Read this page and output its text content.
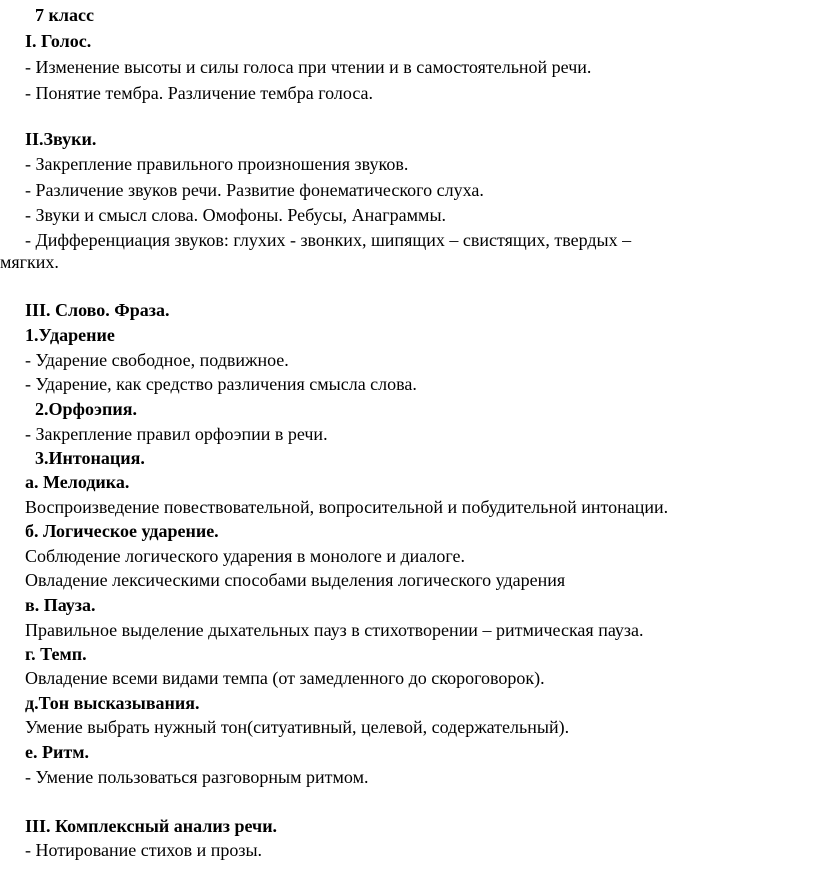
7 класс

I. Голос.

- Изменение высоты и силы голоса при чтении и в самостоятельной речи.

- Понятие тембра. Различение тембра голоса.

II.Звуки.

- Закрепление правильного произношения звуков.

- Различение звуков речи. Развитие фонематического слуха.

- Звуки и смысл слова. Омофоны. Ребусы, Анаграммы.

- Дифференциация звуков: глухих - звонких, шипящих – свистящих, твердых –

мягких.

III. Слово. Фраза.

1.Ударение

- Ударение свободное, подвижное.

- Ударение, как средство различения смысла слова.

2.Орфоэпия.

- Закрепление правил орфоэпии в речи.

3.Интонация.

а. Мелодика.

Воспроизведение повествовательной, вопросительной и побудительной интонации.

б. Логическое ударение.

Соблюдение логического ударения в монологе и диалоге.

Овладение лексическими способами выделения логического ударения

в. Пауза.

Правильное выделение дыхательных пауз в стихотворении – ритмическая пауза.

г. Темп.

Овладение всеми видами темпа (от замедленного до скороговорок).

д.Тон высказывания.

Умение выбрать нужный тон(ситуативный, целевой, содержательный).

е. Ритм.

- Умение пользоваться разговорным ритмом.

III. Комплексный анализ речи.

- Нотирование стихов и прозы.
